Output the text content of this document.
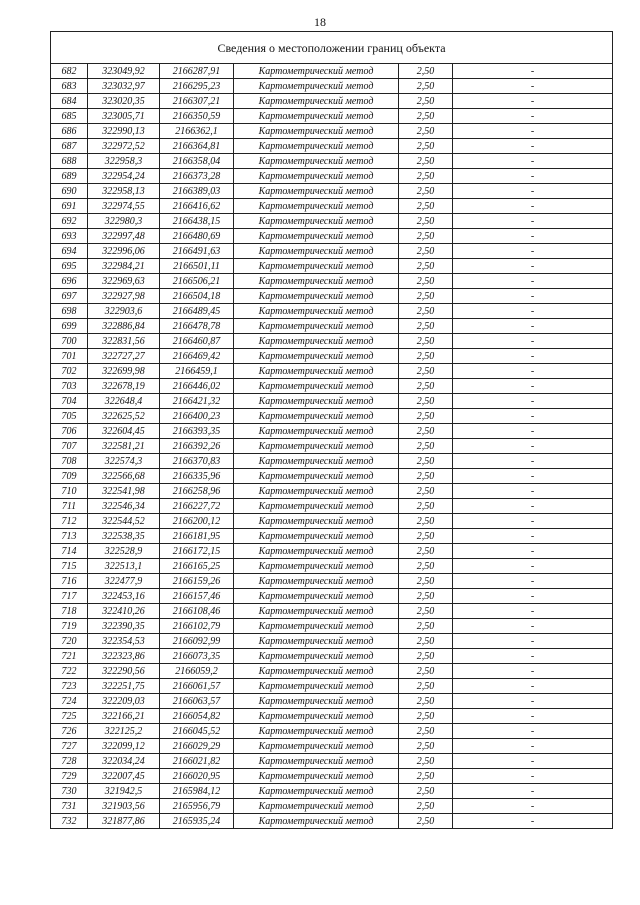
18
Сведения о местоположении границ объекта					
682	323049,92	2166287,91	Картометрический метод	2,50	-
683	323032,97	2166295,23	Картометрический метод	2,50	-
684	323020,35	2166307,21	Картометрический метод	2,50	-
685	323005,71	2166350,59	Картометрический метод	2,50	-
686	322990,13	2166362,1	Картометрический метод	2,50	-
687	322972,52	2166364,81	Картометрический метод	2,50	-
688	322958,3	2166358,04	Картометрический метод	2,50	-
689	322954,24	2166373,28	Картометрический метод	2,50	-
690	322958,13	2166389,03	Картометрический метод	2,50	-
691	322974,55	2166416,62	Картометрический метод	2,50	-
692	322980,3	2166438,15	Картометрический метод	2,50	-
693	322997,48	2166480,69	Картометрический метод	2,50	-
694	322996,06	2166491,63	Картометрический метод	2,50	-
695	322984,21	2166501,11	Картометрический метод	2,50	-
696	322969,63	2166506,21	Картометрический метод	2,50	-
697	322927,98	2166504,18	Картометрический метод	2,50	-
698	322903,6	2166489,45	Картометрический метод	2,50	-
699	322886,84	2166478,78	Картометрический метод	2,50	-
700	322831,56	2166460,87	Картометрический метод	2,50	-
701	322727,27	2166469,42	Картометрический метод	2,50	-
702	322699,98	2166459,1	Картометрический метод	2,50	-
703	322678,19	2166446,02	Картометрический метод	2,50	-
704	322648,4	2166421,32	Картометрический метод	2,50	-
705	322625,52	2166400,23	Картометрический метод	2,50	-
706	322604,45	2166393,35	Картометрический метод	2,50	-
707	322581,21	2166392,26	Картометрический метод	2,50	-
708	322574,3	2166370,83	Картометрический метод	2,50	-
709	322566,68	2166335,96	Картометрический метод	2,50	-
710	322541,98	2166258,96	Картометрический метод	2,50	-
711	322546,34	2166227,72	Картометрический метод	2,50	-
712	322544,52	2166200,12	Картометрический метод	2,50	-
713	322538,35	2166181,95	Картометрический метод	2,50	-
714	322528,9	2166172,15	Картометрический метод	2,50	-
715	322513,1	2166165,25	Картометрический метод	2,50	-
716	322477,9	2166159,26	Картометрический метод	2,50	-
717	322453,16	2166157,46	Картометрический метод	2,50	-
718	322410,26	2166108,46	Картометрический метод	2,50	-
719	322390,35	2166102,79	Картометрический метод	2,50	-
720	322354,53	2166092,99	Картометрический метод	2,50	-
721	322323,86	2166073,35	Картометрический метод	2,50	-
722	322290,56	2166059,2	Картометрический метод	2,50	-
723	322251,75	2166061,57	Картометрический метод	2,50	-
724	322209,03	2166063,57	Картометрический метод	2,50	-
725	322166,21	2166054,82	Картометрический метод	2,50	-
726	322125,2	2166045,52	Картометрический метод	2,50	-
727	322099,12	2166029,29	Картометрический метод	2,50	-
728	322034,24	2166021,82	Картометрический метод	2,50	-
729	322007,45	2166020,95	Картометрический метод	2,50	-
730	321942,5	2165984,12	Картометрический метод	2,50	-
731	321903,56	2165956,79	Картометрический метод	2,50	-
732	321877,86	2165935,24	Картометрический метод	2,50	-
